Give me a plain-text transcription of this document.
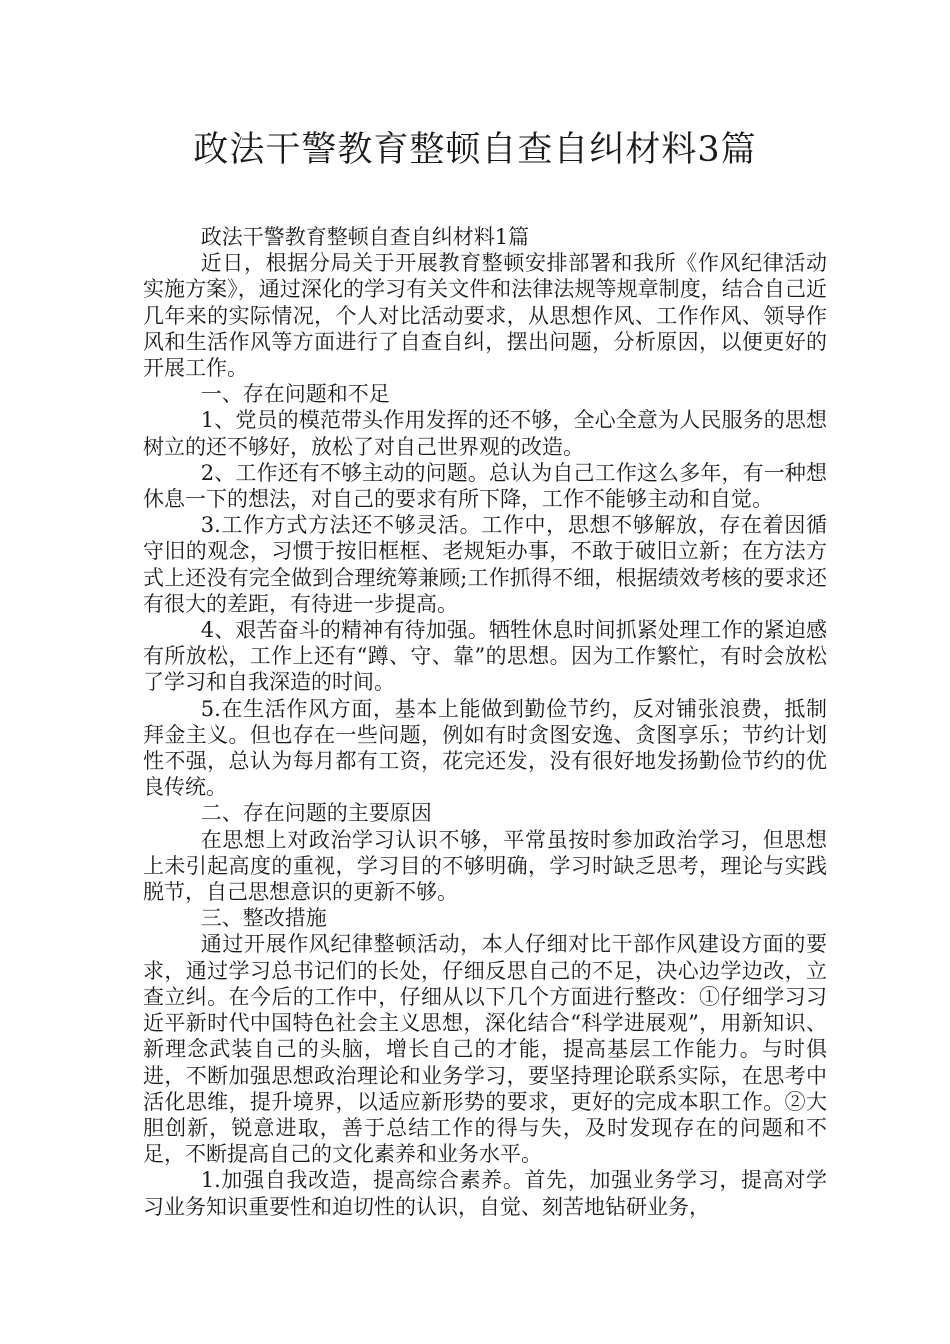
政法干警教育整顿自查自纠材料3篇

政法干警教育整顿自查自纠材料1篇

近日，根据分局关于开展教育整顿安排部署和我所《作风纪律活动实施方案》，通过深化的学习有关文件和法律法规等规章制度，结合自己近几年来的实际情况，个人对比活动要求，从思想作风、工作作风、领导作风和生活作风等方面进行了自查自纠，摆出问题，分析原因，以便更好的开展工作。

一、存在问题和不足

1、党员的模范带头作用发挥的还不够，全心全意为人民服务的思想树立的还不够好，放松了对自己世界观的改造。

2、工作还有不够主动的问题。总认为自己工作这么多年，有一种想休息一下的想法，对自己的要求有所下降，工作不能够主动和自觉。

3.工作方式方法还不够灵活。工作中，思想不够解放，存在着因循守旧的观念，习惯于按旧框框、老规矩办事，不敢于破旧立新；在方法方式上还没有完全做到合理统筹兼顾;工作抓得不细，根据绩效考核的要求还有很大的差距，有待进一步提高。

4、艰苦奋斗的精神有待加强。牺牲休息时间抓紧处理工作的紧迫感有所放松，工作上还有“蹲、守、靠”的思想。因为工作繁忙，有时会放松了学习和自我深造的时间。

5.在生活作风方面，基本上能做到勤俭节约，反对铺张浪费，抵制拜金主义。但也存在一些问题，例如有时贪图安逸、贪图享乐；节约计划性不强，总认为每月都有工资，花完还发，没有很好地发扬勤俭节约的优良传统。

二、存在问题的主要原因

在思想上对政治学习认识不够，平常虽按时参加政治学习，但思想上未引起高度的重视，学习目的不够明确，学习时缺乏思考，理论与实践脱节，自己思想意识的更新不够。

三、整改措施

通过开展作风纪律整顿活动，本人仔细对比干部作风建设方面的要求，通过学习总书记们的长处，仔细反思自己的不足，决心边学边改，立查立纠。在今后的工作中，仔细从以下几个方面进行整改：①仔细学习习近平新时代中国特色社会主义思想，深化结合“科学进展观”，用新知识、新理念武装自己的头脑，增长自己的才能，提高基层工作能力。与时俱进，不断加强思想政治理论和业务学习，要坚持理论联系实际，在思考中活化思维，提升境界，以适应新形势的要求，更好的完成本职工作。②大胆创新，锐意进取，善于总结工作的得与失，及时发现存在的问题和不足，不断提高自己的文化素养和业务水平。

1.加强自我改造，提高综合素养。首先，加强业务学习，提高对学习业务知识重要性和迫切性的认识，自觉、刻苦地钻研业务，
